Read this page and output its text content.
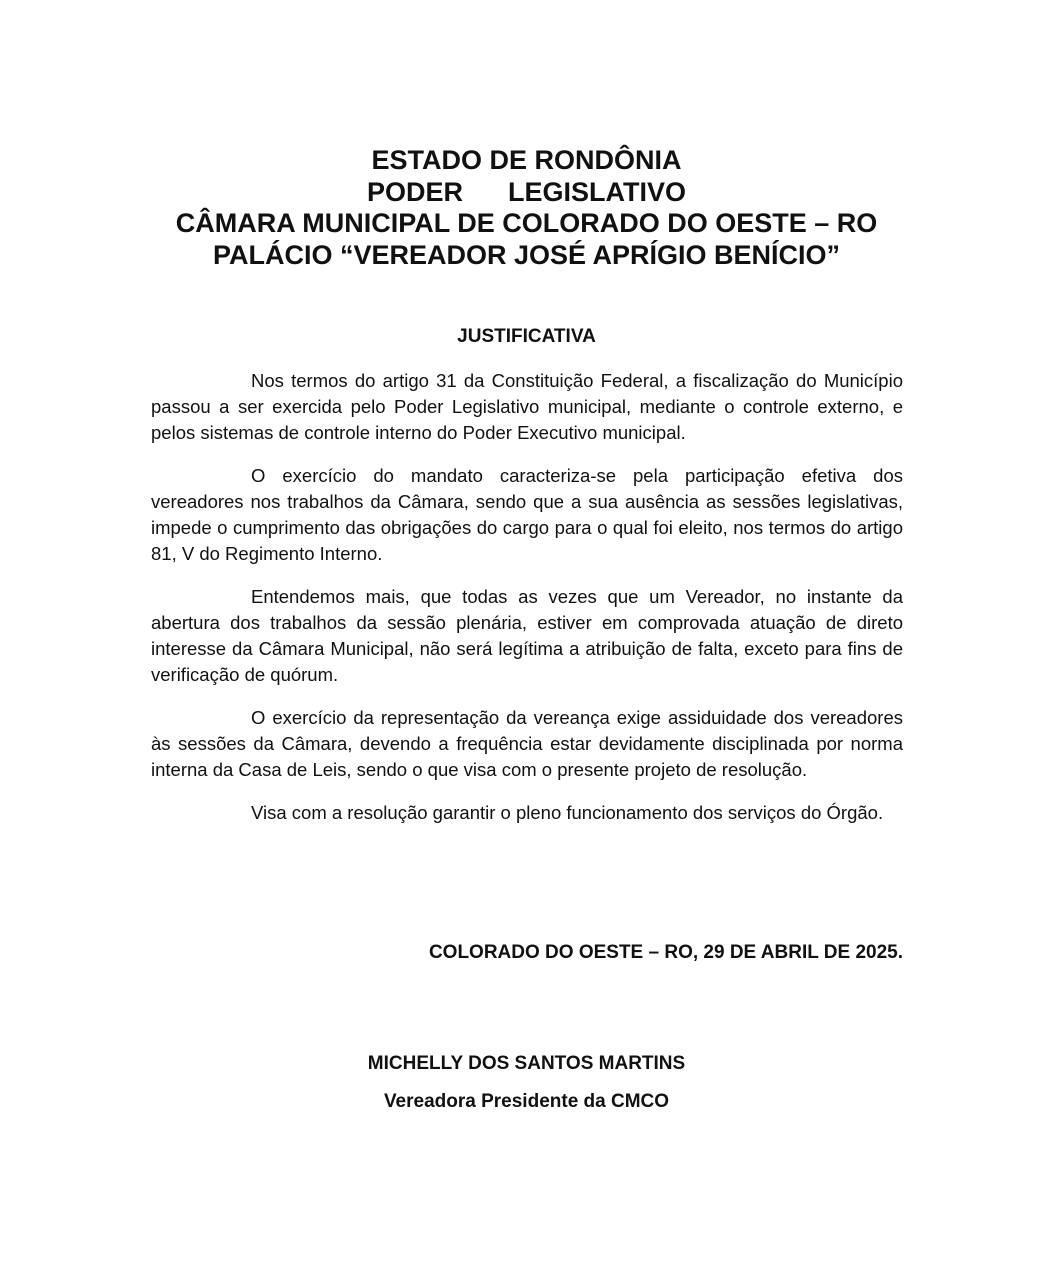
ESTADO DE RONDÔNIA
PODER      LEGISLATIVO
CÂMARA MUNICIPAL DE COLORADO DO OESTE – RO
PALÁCIO “VEREADOR JOSÉ APRÍGIO BENÍCIO”
JUSTIFICATIVA

Nos termos do artigo 31 da Constituição Federal, a fiscalização do Município passou a ser exercida pelo Poder Legislativo municipal, mediante o controle externo, e pelos sistemas de controle interno do Poder Executivo municipal.

O exercício do mandato caracteriza-se pela participação efetiva dos vereadores nos trabalhos da Câmara, sendo que a sua ausência as sessões legislativas, impede o cumprimento das obrigações do cargo para o qual foi eleito, nos termos do artigo 81, V do Regimento Interno.

Entendemos mais, que todas as vezes que um Vereador, no instante da abertura dos trabalhos da sessão plenária, estiver em comprovada atuação de direto interesse da Câmara Municipal, não será legítima a atribuição de falta, exceto para fins de verificação de quórum.

O exercício da representação da vereança exige assiduidade dos vereadores às sessões da Câmara, devendo a frequência estar devidamente disciplinada por norma interna da Casa de Leis, sendo o que visa com o presente projeto de resolução.

Visa com a resolução garantir o pleno funcionamento dos serviços do Órgão.

COLORADO DO OESTE – RO, 29 DE ABRIL DE 2025.
MICHELLY DOS SANTOS MARTINS
Vereadora Presidente da CMCO
